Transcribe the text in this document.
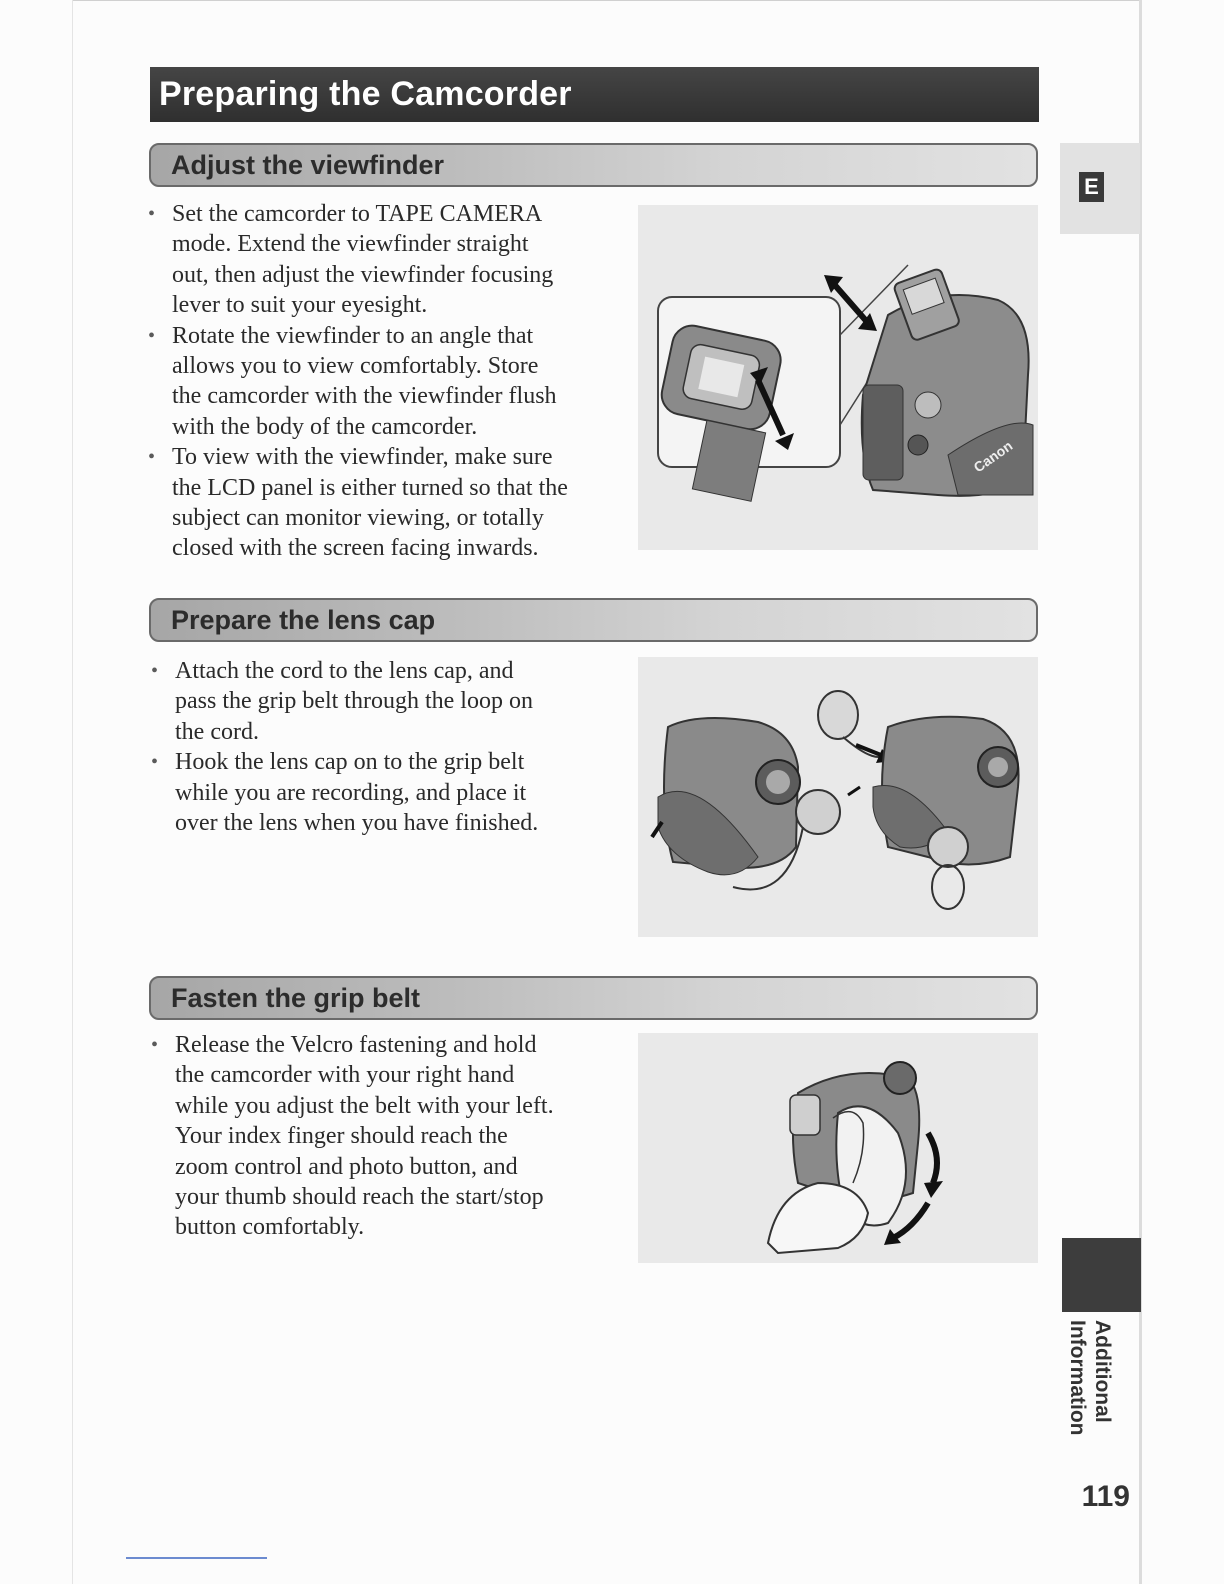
Preparing the Camcorder
Adjust the viewfinder
• Set the camcorder to TAPE CAMERA
mode. Extend the viewfinder straight
out, then adjust the viewfinder focusing
lever to suit your eyesight.
• Rotate the viewfinder to an angle that
allows you to view comfortably. Store
the camcorder with the viewfinder flush
with the body of the camcorder.
• To view with the viewfinder, make sure
the LCD panel is either turned so that the
subject can monitor viewing, or totally
closed with the screen facing inwards.
Canon
Prepare the lens cap
• Attach the cord to the lens cap, and
pass the grip belt through the loop on
the cord.
• Hook the lens cap on to the grip belt
while you are recording, and place it
over the lens when you have finished.
Fasten the grip belt
• Release the Velcro fastening and hold
the camcorder with your right hand
while you adjust the belt with your left.
Your index finger should reach the
zoom control and photo button, and
your thumb should reach the start/stop
button comfortably.
E
Additional
Information
119
